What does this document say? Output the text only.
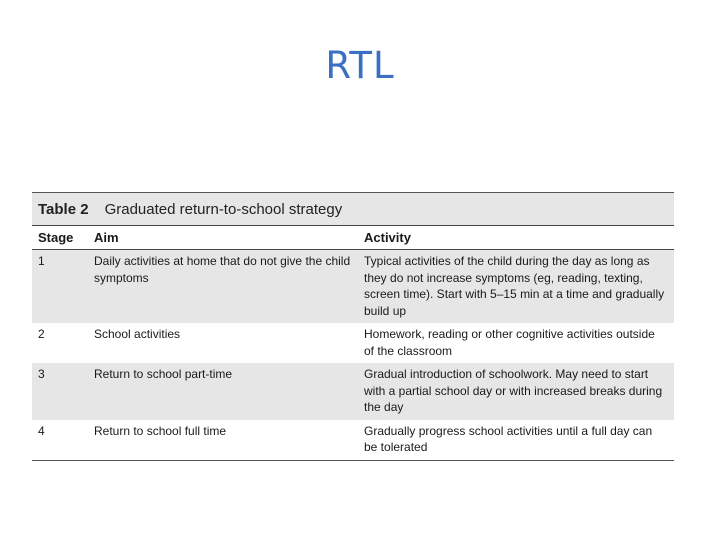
RTL
Table 2 Graduated return-to-school strategy
Stage	Aim	Activity
1	Daily activities at home that do not give the child symptoms	Typical activities of the child during the day as long as they do not increase symptoms (eg, reading, texting, screen time). Start with 5–15 min at a time and gradually build up
2	School activities	Homework, reading or other cognitive activities outside of the classroom
3	Return to school part-time	Gradual introduction of schoolwork. May need to start with a partial school day or with increased breaks during the day
4	Return to school full time	Gradually progress school activities until a full day can be tolerated
